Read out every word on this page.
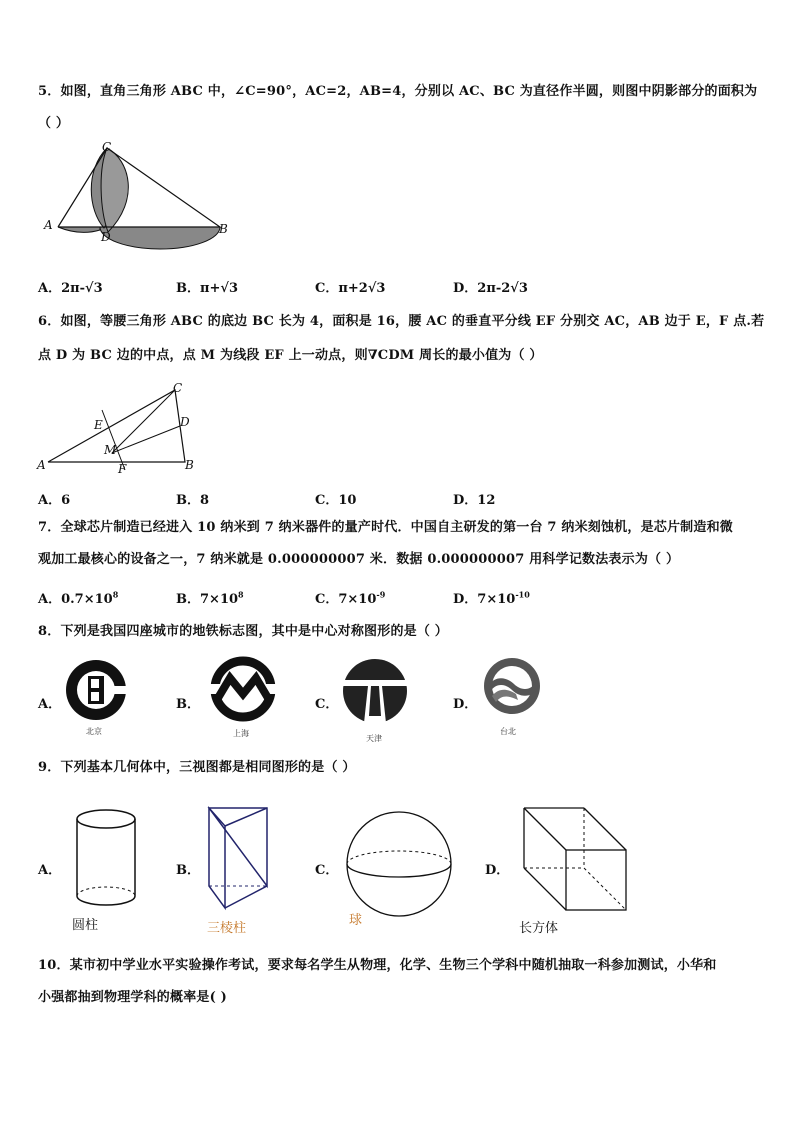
5．如图，直角三角形 ABC 中，∠C=90°，AC=2，AB=4，分别以 AC、BC 为直径作半圆，则图中阴影部分的面积为
（ ）
A
C
D
B
A．2π-√3	B．π+√3	C．π+2√3	D．2π-2√3
6．如图，等腰三角形 ABC 的底边 BC 长为 4，面积是 16，腰 AC 的垂直平分线 EF 分别交 AC，AB 边于 E，F 点.若
点 D 为 BC 边的中点，点 M 为线段 EF 上一动点，则∇CDM 周长的最小值为（ ）
A
C
D
E
M
F	B
A．6	B．8	C．10	D．12
7．全球芯片制造已经进入 10 纳米到 7 纳米器件的量产时代．中国自主研发的第一台 7 纳米刻蚀机，是芯片制造和微
观加工最核心的设备之一，7 纳米就是 0.000000007 米．数据 0.000000007 用科学记数法表示为（ ）
A．$0.7\times 10^8$	B．$7\times 10^8$	C．$7\times 10^{-9}$	D．$7\times 10^{-10}$
8．下列是我国四座城市的地铁标志图，其中是中心对称图形的是（ ）
A．
北京
B．
上海
C．
天津
D．
台北
9．下列基本几何体中，三视图都是相同图形的是（ ）
A．
圆柱
B．
三棱柱
C．
球
D．
长方体
10．某市初中学业水平实验操作考试，要求每名学生从物理，化学、生物三个学科中随机抽取一科参加测试，小华和
小强都抽到物理学科的概率是( )
